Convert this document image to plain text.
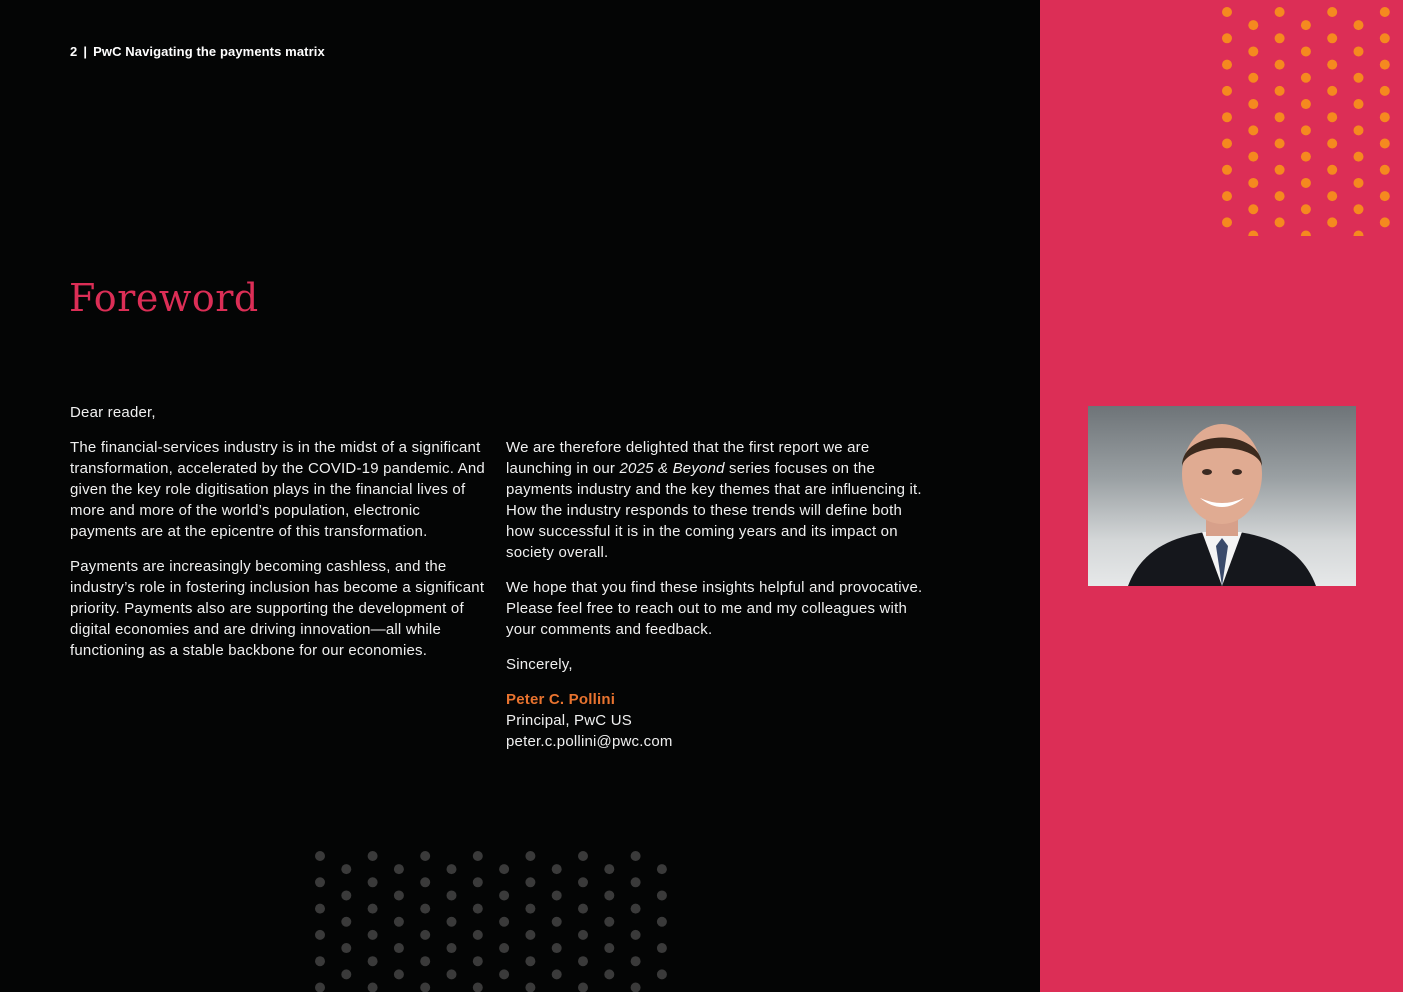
2 | PwC Navigating the payments matrix
Foreword

Dear reader,

The financial-services industry is in the midst of a significant transformation, accelerated by the COVID-19 pandemic. And given the key role digitisation plays in the financial lives of more and more of the world’s population, electronic payments are at the epicentre of this transformation.

Payments are increasingly becoming cashless, and the industry’s role in fostering inclusion has become a significant priority. Payments also are supporting the development of digital economies and are driving innovation—all while functioning as a stable backbone for our economies.

We are therefore delighted that the first report we are launching in our 2025 & Beyond series focuses on the payments industry and the key themes that are influencing it. How the industry responds to these trends will define both how successful it is in the coming years and its impact on society overall.

We hope that you find these insights helpful and provocative. Please feel free to reach out to me and my colleagues with your comments and feedback.

Sincerely,

Peter C. Pollini
Principal, PwC US
peter.c.pollini@pwc.com
